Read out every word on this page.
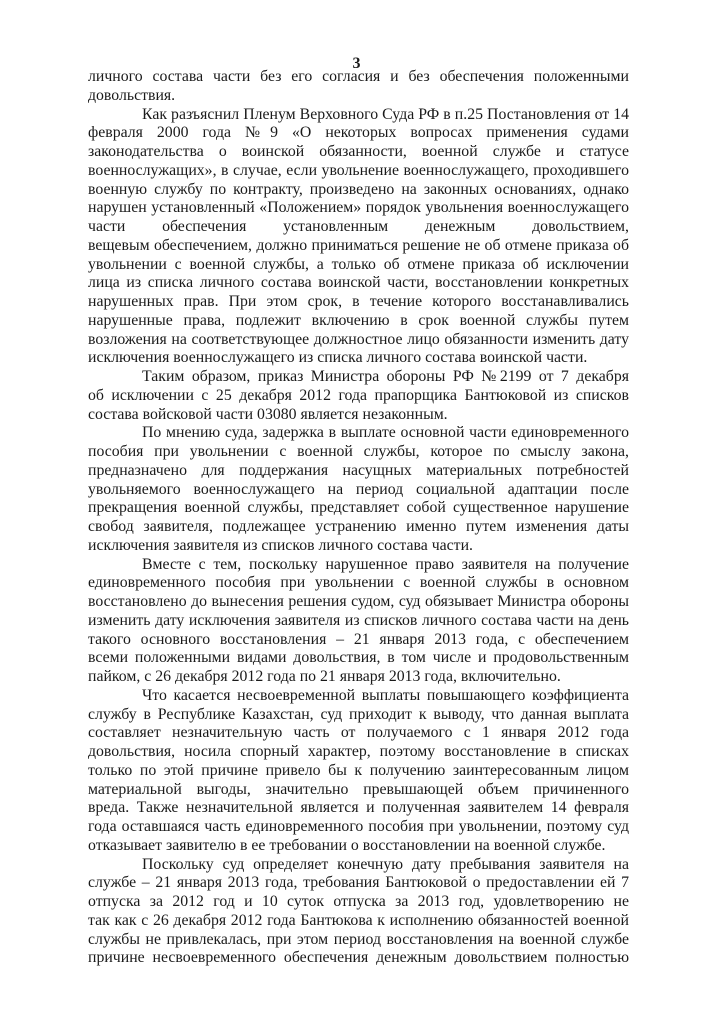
3
личного состава части без его согласия и без обеспечения положенными
довольствия.
Как разъяснил Пленум Верховного Суда РФ в п.25 Постановления от 14
февраля 2000 года №9 «О некоторых вопросах применения судами
законодательства о воинской обязанности, военной службе и статусе
военнослужащих», в случае, если увольнение военнослужащего, проходившего
военную службу по контракту, произведено на законных основаниях, однако
нарушен установленный «Положением» порядок увольнения военнослужащего
части обеспечения установленным денежным довольствием,
вещевым обеспечением, должно приниматься решение не об отмене приказа об
увольнении с военной службы, а только об отмене приказа об исключении
лица из списка личного состава воинской части, восстановлении конкретных
нарушенных прав. При этом срок, в течение которого восстанавливались
нарушенные права, подлежит включению в срок военной службы путем
возложения на соответствующее должностное лицо обязанности изменить дату
исключения военнослужащего из списка личного состава воинской части.
Таким образом, приказ Министра обороны РФ №2199 от 7 декабря
об исключении с 25 декабря 2012 года прапорщика Бантюковой из списков
состава войсковой части 03080 является незаконным.
По мнению суда, задержка в выплате основной части единовременного
пособия при увольнении с военной службы, которое по смыслу закона,
предназначено для поддержания насущных материальных потребностей
увольняемого военнослужащего на период социальной адаптации после
прекращения военной службы, представляет собой существенное нарушение
свобод заявителя, подлежащее устранению именно путем изменения даты
исключения заявителя из списков личного состава части.
Вместе с тем, поскольку нарушенное право заявителя на получение
единовременного пособия при увольнении с военной службы в основном
восстановлено до вынесения решения судом, суд обязывает Министра обороны
изменить дату исключения заявителя из списков личного состава части на день
такого основного восстановления – 21 января 2013 года, с обеспечением
всеми положенными видами довольствия, в том числе и продовольственным
пайком, с 26 декабря 2012 года по 21 января 2013 года, включительно.
Что касается несвоевременной выплаты повышающего коэффициента
службу в Республике Казахстан, суд приходит к выводу, что данная выплата
составляет незначительную часть от получаемого с 1 января 2012 года
довольствия, носила спорный характер, поэтому восстановление в списках
только по этой причине привело бы к получению заинтересованным лицом
материальной выгоды, значительно превышающей объем причиненного
вреда. Также незначительной является и полученная заявителем 14 февраля
года оставшаяся часть единовременного пособия при увольнении, поэтому суд
отказывает заявителю в ее требовании о восстановлении на военной службе.
Поскольку суд определяет конечную дату пребывания заявителя на
службе – 21 января 2013 года, требования Бантюковой о предоставлении ей 7
отпуска за 2012 год и 10 суток отпуска за 2013 год, удовлетворению не
так как с 26 декабря 2012 года Бантюкова к исполнению обязанностей военной
службы не привлекалась, при этом период восстановления на военной службе
причине несвоевременного обеспечения денежным довольствием полностью
